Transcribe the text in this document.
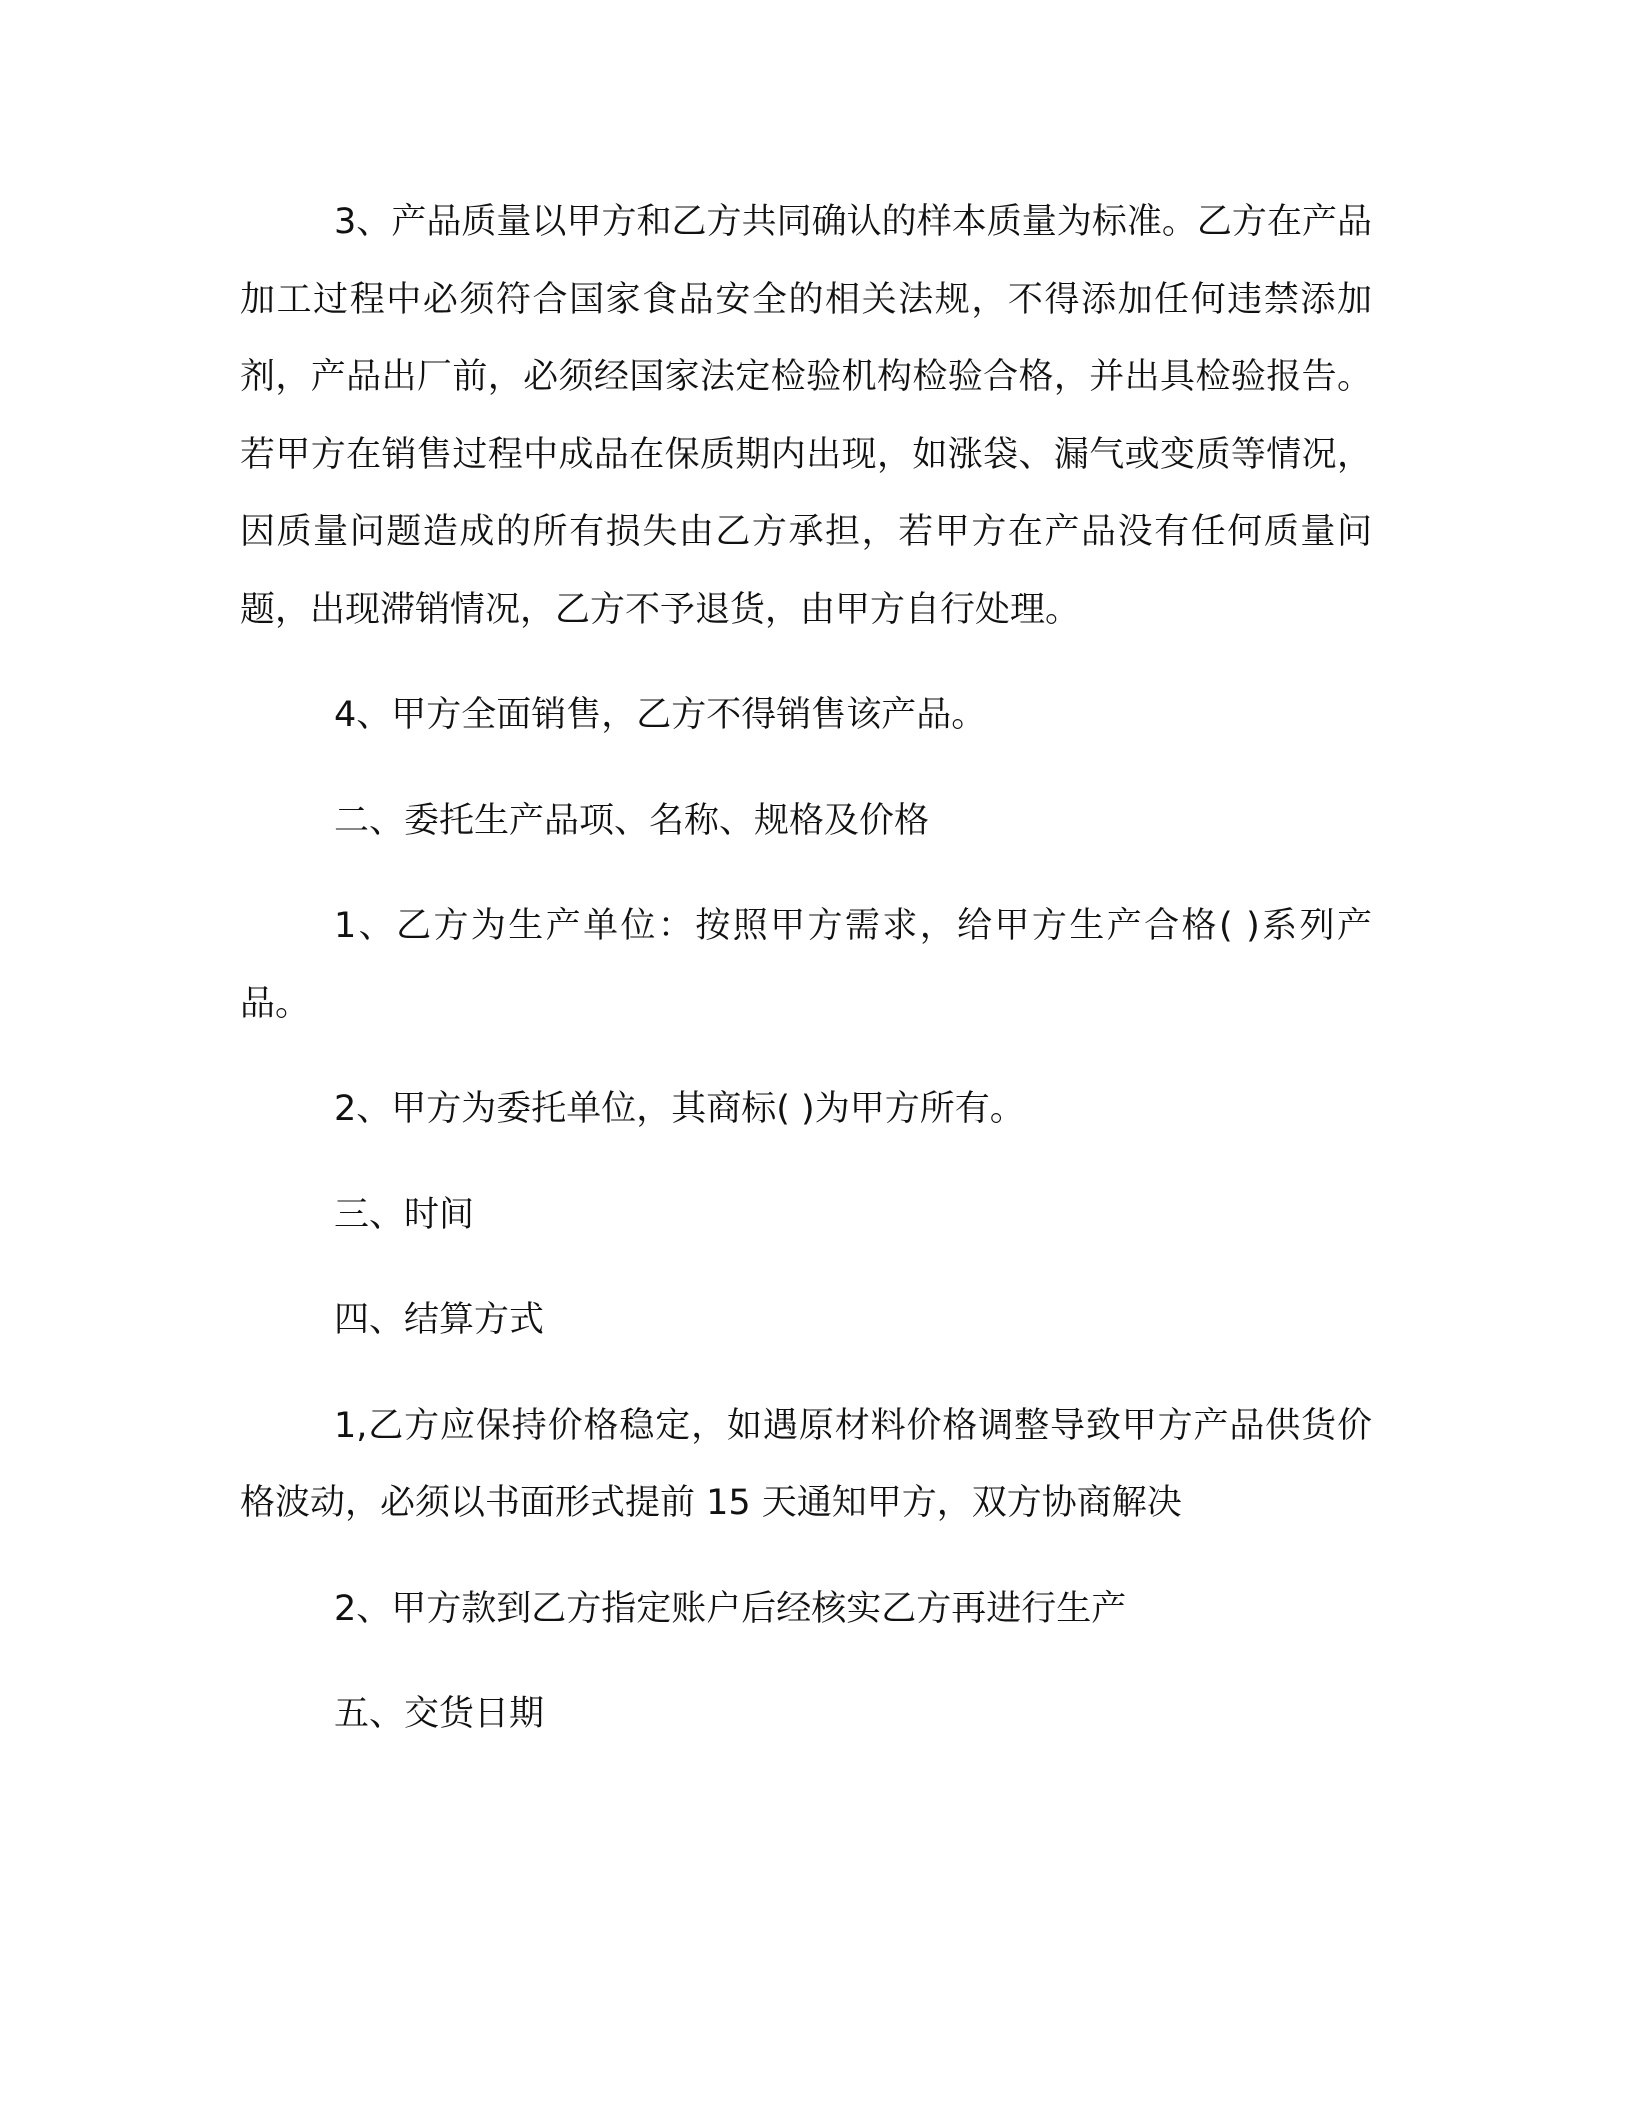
3、产品质量以甲方和乙方共同确认的样本质量为标准。乙方在产品加工过程中必须符合国家食品安全的相关法规，不得添加任何违禁添加剂，产品出厂前，必须经国家法定检验机构检验合格，并出具检验报告。若甲方在销售过程中成品在保质期内出现，如涨袋、漏气或变质等情况，因质量问题造成的所有损失由乙方承担，若甲方在产品没有任何质量问题，出现滞销情况，乙方不予退货，由甲方自行处理。

4、甲方全面销售，乙方不得销售该产品。

二、委托生产品项、名称、规格及价格

1、乙方为生产单位：按照甲方需求，给甲方生产合格( )系列产品。

2、甲方为委托单位，其商标( )为甲方所有。

三、时间

四、结算方式

1,乙方应保持价格稳定，如遇原材料价格调整导致甲方产品供货价格波动，必须以书面形式提前 15 天通知甲方，双方协商解决

2、甲方款到乙方指定账户后经核实乙方再进行生产

五、交货日期
